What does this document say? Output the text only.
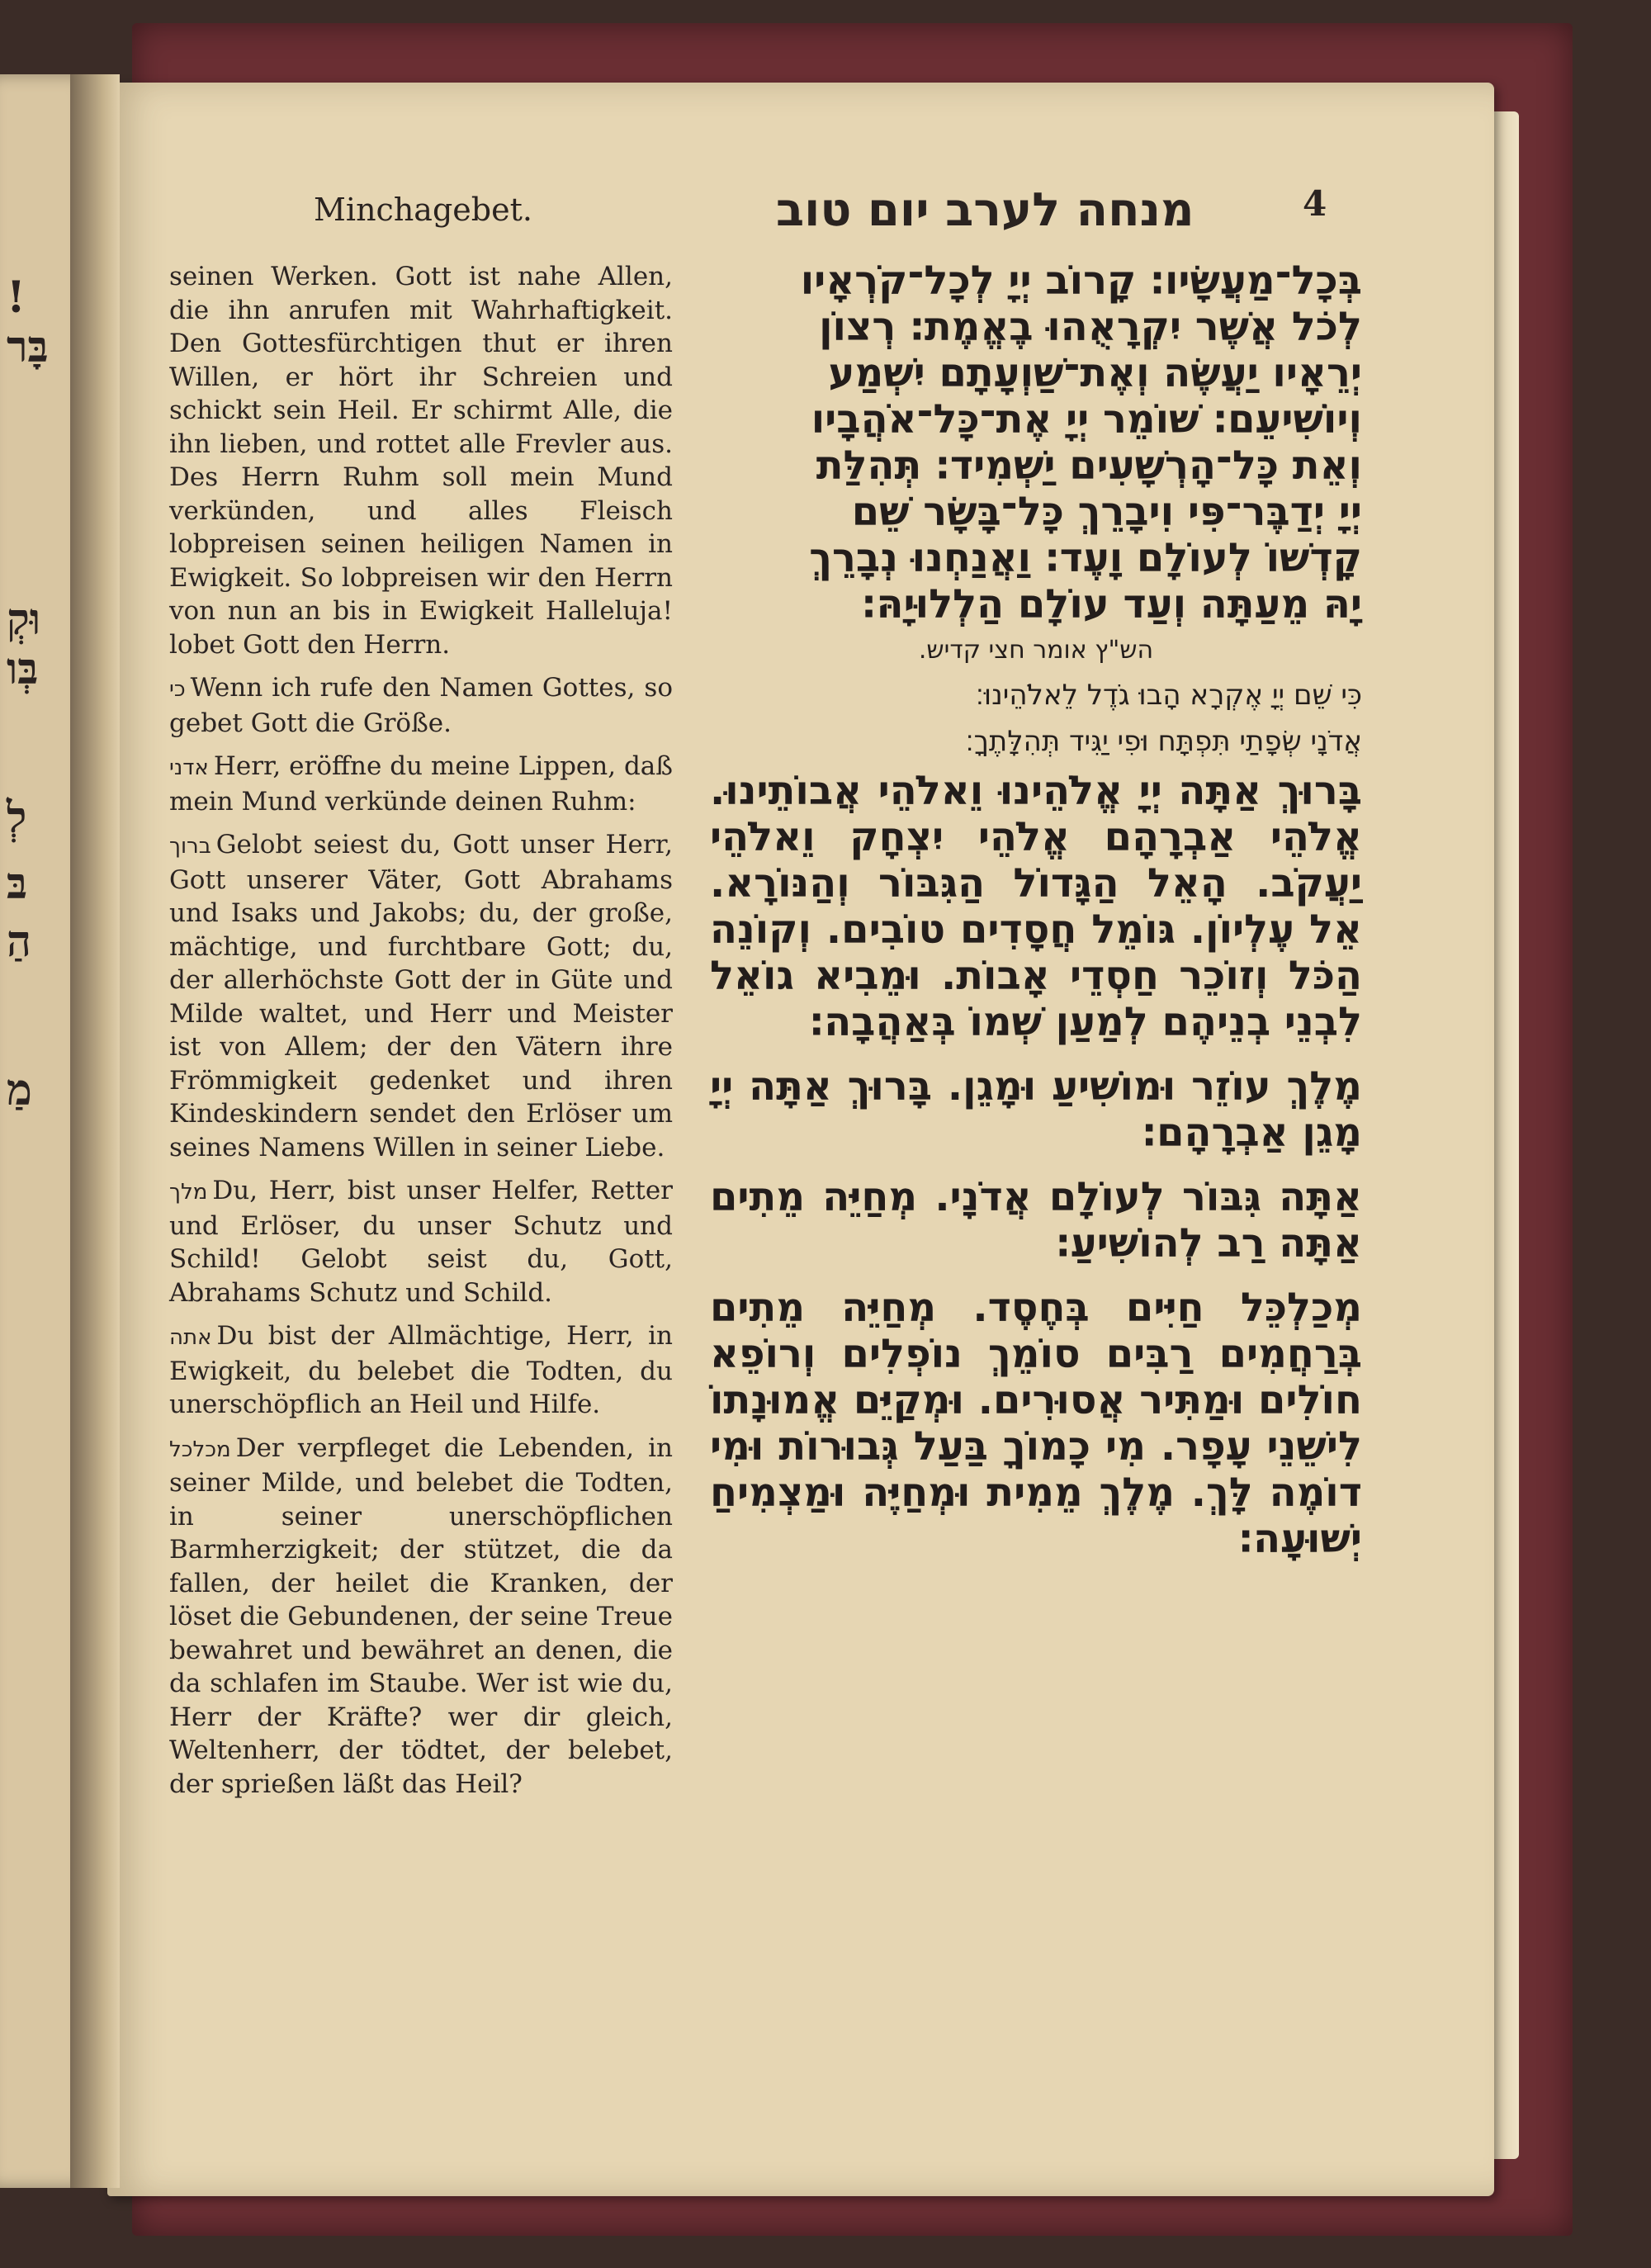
!
בָּר
וּקְ
בְּו
לְ
בּ
הַ
מַ
Minchagebet.	מנחה לערב יום טוב	4

seinen Werken. Gott ist nahe Allen, die ihn anrufen mit Wahrhaftigkeit. Den Gottesfürchtigen thut er ihren Willen, er hört ihr Schreien und schickt sein Heil. Er schirmt Alle, die ihn lieben, und rottet alle Frevler aus. Des Herrn Ruhm soll mein Mund verkünden, und alles Fleisch lobpreisen seinen heiligen Namen in Ewigkeit. So lobpreisen wir den Herrn von nun an bis in Ewigkeit Halleluja! lobet Gott den Herrn.

כי Wenn ich rufe den Namen Gottes, so gebet Gott die Größe.

אדני Herr, eröffne du meine Lippen, daß mein Mund verkünde deinen Ruhm:

ברוך Gelobt seiest du, Gott unser Herr, Gott unserer Väter, Gott Abrahams und Isaks und Jakobs; du, der große, mächtige, und furchtbare Gott; du, der allerhöchste Gott der in Güte und Milde waltet, und Herr und Meister ist von Allem; der den Vätern ihre Frömmigkeit gedenket und ihren Kindeskindern sendet den Erlöser um seines Namens Willen in seiner Liebe.

מלך Du, Herr, bist unser Helfer, Retter und Erlöser, du unser Schutz und Schild! Gelobt seist du, Gott, Abrahams Schutz und Schild.

אתה Du bist der Allmächtige, Herr, in Ewigkeit, du belebet die Todten, du unerschöpflich an Heil und Hilfe.

מכלכל Der verpfleget die Lebenden, in seiner Milde, und belebet die Todten, in seiner unerschöpflichen Barmherzigkeit; der stützet, die da fallen, der heilet die Kranken, der löset die Gebundenen, der seine Treue bewahret und bewähret an denen, die da schlafen im Staube. Wer ist wie du, Herr der Kräfte? wer dir gleich, Weltenherr, der tödtet, der belebet, der sprießen läßt das Heil?

בְּכָל־מַעֲשָׂיו׃ קָרוֹב יְיָ לְכָל־קֹרְאָיו
לְכֹל אֲשֶׁר יִקְרָאֻהוּ בֶאֱמֶת׃ רְצוֹן
יְרֵאָיו יַעֲשֶׂה וְאֶת־שַׁוְעָתָם יִשְׁמַע
וְיוֹשִׁיעֵם׃ שׁוֹמֵר יְיָ אֶת־כָּל־אֹהֲבָיו
וְאֵת כָּל־הָרְשָׁעִים יַשְׁמִיד׃ תְּהִלַּת
יְיָ יְדַבֶּר־פִּי וִיבָרֵךְ כָּל־בָּשָׂר שֵׁם
קָדְשׁוֹ לְעוֹלָם וָעֶד׃ וַאֲנַחְנוּ נְבָרֵךְ
יָהּ מֵעַתָּה וְעַד עוֹלָם הַלְלוּיָהּ׃
הש"ץ אומר חצי קדיש.
כִּי שֵׁם יְיָ אֶקְרָא הָבוּ גֹדֶל לֵאלֹהֵינוּ׃
אֲדֹנָי שְׂפָתַי תִּפְתָּח וּפִי יַגִּיד תְּהִלָּתֶךָ׃

בָּרוּךְ אַתָּה יְיָ אֱלֹהֵינוּ וֵאלֹהֵי אֲבוֹתֵינוּ. אֱלֹהֵי אַבְרָהָם אֱלֹהֵי יִצְחָק וֵאלֹהֵי יַעֲקֹב. הָאֵל הַגָּדוֹל הַגִּבּוֹר וְהַנּוֹרָא. אֵל עֶלְיוֹן. גּוֹמֵל חֲסָדִים טוֹבִים. וְקוֹנֵה הַכֹּל וְזוֹכֵר חַסְדֵי אָבוֹת. וּמֵבִיא גוֹאֵל לִבְנֵי בְנֵיהֶם לְמַעַן שְׁמוֹ בְּאַהֲבָה׃

מֶלֶךְ עוֹזֵר וּמוֹשִׁיעַ וּמָגֵן. בָּרוּךְ אַתָּה יְיָ מָגֵן אַבְרָהָם׃

אַתָּה גִּבּוֹר לְעוֹלָם אֲדֹנָי. מְחַיֵּה מֵתִים אַתָּה רַב לְהוֹשִׁיעַ׃

מְכַלְכֵּל חַיִּים בְּחֶסֶד. מְחַיֵּה מֵתִים בְּרַחֲמִים רַבִּים סוֹמֵךְ נוֹפְלִים וְרוֹפֵא חוֹלִים וּמַתִּיר אֲסוּרִים. וּמְקַיֵּם אֱמוּנָתוֹ לִישֵׁנֵי עָפָר. מִי כָמוֹךָ בַּעַל גְּבוּרוֹת וּמִי דוֹמֶה לָּךְ. מֶלֶךְ מֵמִית וּמְחַיֶּה וּמַצְמִיחַ יְשׁוּעָה׃
